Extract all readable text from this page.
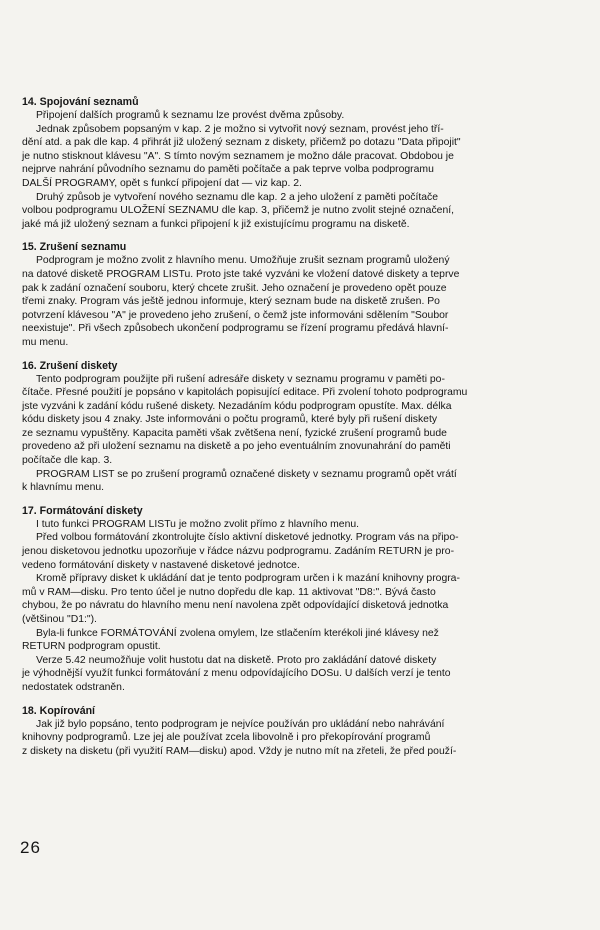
14. Spojování seznamů
Připojení dalších programů k seznamu lze provést dvěma způsoby.
Jednak způsobem popsaným v kap. 2 je možno si vytvořit nový seznam, provést jeho tří-
dění atd. a pak dle kap. 4 přihrát již uložený seznam z diskety, přičemž po dotazu "Data připojit"
je nutno stisknout klávesu "A". S tímto novým seznamem je možno dále pracovat. Obdobou je
nejprve nahrání původního seznamu do paměti počítače a pak teprve volba podprogramu
DALŠÍ PROGRAMY, opět s funkcí připojení dat — viz kap. 2.
Druhý způsob je vytvoření nového seznamu dle kap. 2 a jeho uložení z paměti počítače
volbou podprogramu ULOŽENÍ SEZNAMU dle kap. 3, přičemž je nutno zvolit stejné označení,
jaké má již uložený seznam a funkci připojení k již existujícímu programu na disketě.
15. Zrušení seznamu
Podprogram je možno zvolit z hlavního menu. Umožňuje zrušit seznam programů uložený
na datové disketě PROGRAM LISTu. Proto jste také vyzváni ke vložení datové diskety a teprve
pak k zadání označení souboru, který chcete zrušit. Jeho označení je provedeno opět pouze
třemi znaky. Program vás ještě jednou informuje, který seznam bude na disketě zrušen. Po
potvrzení klávesou "A" je provedeno jeho zrušení, o čemž jste informováni sdělením "Soubor
neexistuje". Při všech způsobech ukončení podprogramu se řízení programu předává hlavní-
mu menu.
16. Zrušení diskety
Tento podprogram použijte při rušení adresáře diskety v seznamu programu v paměti po-
čítače. Přesné použití je popsáno v kapitolách popisující editace. Při zvolení tohoto podprogramu
jste vyzváni k zadání kódu rušené diskety. Nezadáním kódu podprogram opustíte. Max. délka
kódu diskety jsou 4 znaky. Jste informováni o počtu programů, které byly při rušení diskety
ze seznamu vypuštěny. Kapacita paměti však zvětšena není, fyzické zrušení programů bude
provedeno až při uložení seznamu na disketě a po jeho eventuálním znovunahrání do paměti
počítače dle kap. 3.
PROGRAM LIST se po zrušení programů označené diskety v seznamu programů opět vrátí
k hlavnímu menu.
17. Formátování diskety
I tuto funkci PROGRAM LISTu je možno zvolit přímo z hlavního menu.
Před volbou formátování zkontrolujte číslo aktivní disketové jednotky. Program vás na připo-
jenou disketovou jednotku upozorňuje v řádce názvu podprogramu. Zadáním RETURN je pro-
vedeno formátování diskety v nastavené disketové jednotce.
Kromě přípravy disket k ukládání dat je tento podprogram určen i k mazání knihovny progra-
mů v RAM—disku. Pro tento účel je nutno dopředu dle kap. 11 aktivovat "D8:". Bývá často
chybou, že po návratu do hlavního menu není navolena zpět odpovídající disketová jednotka
(většinou "D1:").
Byla-li funkce FORMÁTOVÁNÍ zvolena omylem, lze stlačením kterékoli jiné klávesy než
RETURN podprogram opustit.
Verze 5.42 neumožňuje volit hustotu dat na disketě. Proto pro zakládání datové diskety
je výhodnější využít funkci formátování z menu odpovídajícího DOSu. U dalších verzí je tento
nedostatek odstraněn.
18. Kopírování
Jak již bylo popsáno, tento podprogram je nejvíce používán pro ukládání nebo nahrávání
knihovny podprogramů. Lze jej ale používat zcela libovolně i pro překopírování programů
z diskety na disketu (při využití RAM—disku) apod. Vždy je nutno mít na zřeteli, že před použí-
26
